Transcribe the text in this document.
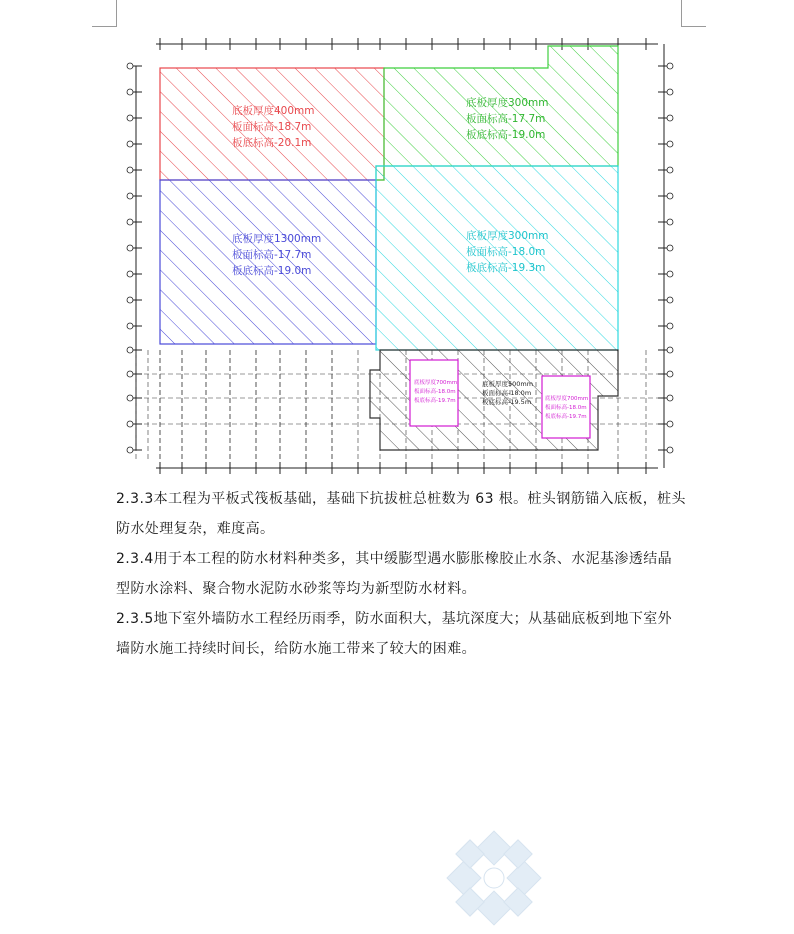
底板厚度400mm
板面标高-18.7m
板底标高-20.1m
底板厚度300mm
板面标高-17.7m
板底标高-19.0m
底板厚度1300mm
板面标高-17.7m
板底标高-19.0m
底板厚度300mm
板面标高-18.0m
板底标高-19.3m
底板厚度500mm
板面标高-18.0m
板底标高-19.5m
底板厚度700mm
板面标高-18.0m
板底标高-19.7m	底板厚度700mm
板面标高-18.0m
板底标高-19.7m

2.3.3本工程为平板式筏板基础，基础下抗拔桩总桩数为 63 根。桩头钢筋锚入底板，桩头防水处理复杂，难度高。

2.3.4用于本工程的防水材料种类多，其中缓膨型遇水膨胀橡胶止水条、水泥基渗透结晶型防水涂料、聚合物水泥防水砂浆等均为新型防水材料。

2.3.5地下室外墙防水工程经历雨季，防水面积大，基坑深度大；从基础底板到地下室外墙防水施工持续时间长，给防水施工带来了较大的困难。
